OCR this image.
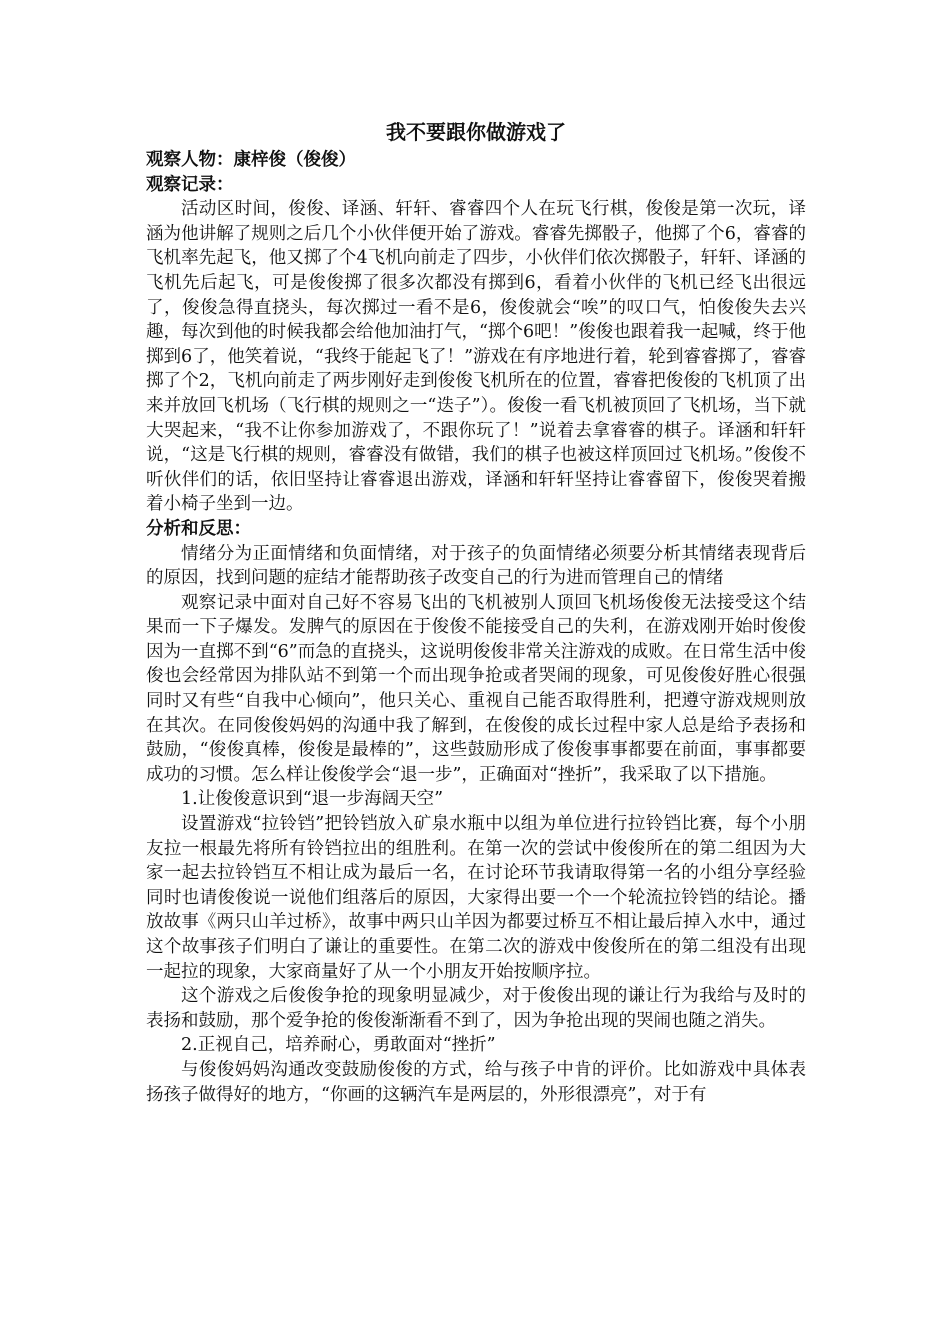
我不要跟你做游戏了

观察人物：康梓俊（俊俊）

观察记录：

活动区时间，俊俊、译涵、轩轩、睿睿四个人在玩飞行棋，俊俊是第一次玩，译涵为他讲解了规则之后几个小伙伴便开始了游戏。睿睿先掷骰子，他掷了个6，睿睿的飞机率先起飞，他又掷了个4飞机向前走了四步，小伙伴们依次掷骰子，轩轩、译涵的飞机先后起飞，可是俊俊掷了很多次都没有掷到6，看着小伙伴的飞机已经飞出很远了，俊俊急得直挠头，每次掷过一看不是6，俊俊就会“唉”的叹口气，怕俊俊失去兴趣，每次到他的时候我都会给他加油打气，“掷个6吧！”俊俊也跟着我一起喊，终于他掷到6了，他笑着说，“我终于能起飞了！”游戏在有序地进行着，轮到睿睿掷了，睿睿掷了个2，飞机向前走了两步刚好走到俊俊飞机所在的位置，睿睿把俊俊的飞机顶了出来并放回飞机场（飞行棋的规则之一“迭子”）。俊俊一看飞机被顶回了飞机场，当下就大哭起来，“我不让你参加游戏了，不跟你玩了！”说着去拿睿睿的棋子。译涵和轩轩说，“这是飞行棋的规则，睿睿没有做错，我们的棋子也被这样顶回过飞机场。”俊俊不听伙伴们的话，依旧坚持让睿睿退出游戏，译涵和轩轩坚持让睿睿留下，俊俊哭着搬着小椅子坐到一边。

分析和反思：

情绪分为正面情绪和负面情绪，对于孩子的负面情绪必须要分析其情绪表现背后的原因，找到问题的症结才能帮助孩子改变自己的行为进而管理自己的情绪

观察记录中面对自己好不容易飞出的飞机被别人顶回飞机场俊俊无法接受这个结果而一下子爆发。发脾气的原因在于俊俊不能接受自己的失利，在游戏刚开始时俊俊因为一直掷不到“6”而急的直挠头，这说明俊俊非常关注游戏的成败。在日常生活中俊俊也会经常因为排队站不到第一个而出现争抢或者哭闹的现象，可见俊俊好胜心很强同时又有些“自我中心倾向”，他只关心、重视自己能否取得胜利，把遵守游戏规则放在其次。在同俊俊妈妈的沟通中我了解到，在俊俊的成长过程中家人总是给予表扬和鼓励，“俊俊真棒，俊俊是最棒的”，这些鼓励形成了俊俊事事都要在前面，事事都要成功的习惯。怎么样让俊俊学会“退一步”，正确面对“挫折”，我采取了以下措施。

1.让俊俊意识到“退一步海阔天空”

设置游戏“拉铃铛”把铃铛放入矿泉水瓶中以组为单位进行拉铃铛比赛，每个小朋友拉一根最先将所有铃铛拉出的组胜利。在第一次的尝试中俊俊所在的第二组因为大家一起去拉铃铛互不相让成为最后一名，在讨论环节我请取得第一名的小组分享经验同时也请俊俊说一说他们组落后的原因，大家得出要一个一个轮流拉铃铛的结论。播放故事《两只山羊过桥》，故事中两只山羊因为都要过桥互不相让最后掉入水中，通过这个故事孩子们明白了谦让的重要性。在第二次的游戏中俊俊所在的第二组没有出现一起拉的现象，大家商量好了从一个小朋友开始按顺序拉。

这个游戏之后俊俊争抢的现象明显减少，对于俊俊出现的谦让行为我给与及时的表扬和鼓励，那个爱争抢的俊俊渐渐看不到了，因为争抢出现的哭闹也随之消失。

2.正视自己，培养耐心，勇敢面对“挫折”

与俊俊妈妈沟通改变鼓励俊俊的方式，给与孩子中肯的评价。比如游戏中具体表扬孩子做得好的地方，“你画的这辆汽车是两层的，外形很漂亮”，对于有
